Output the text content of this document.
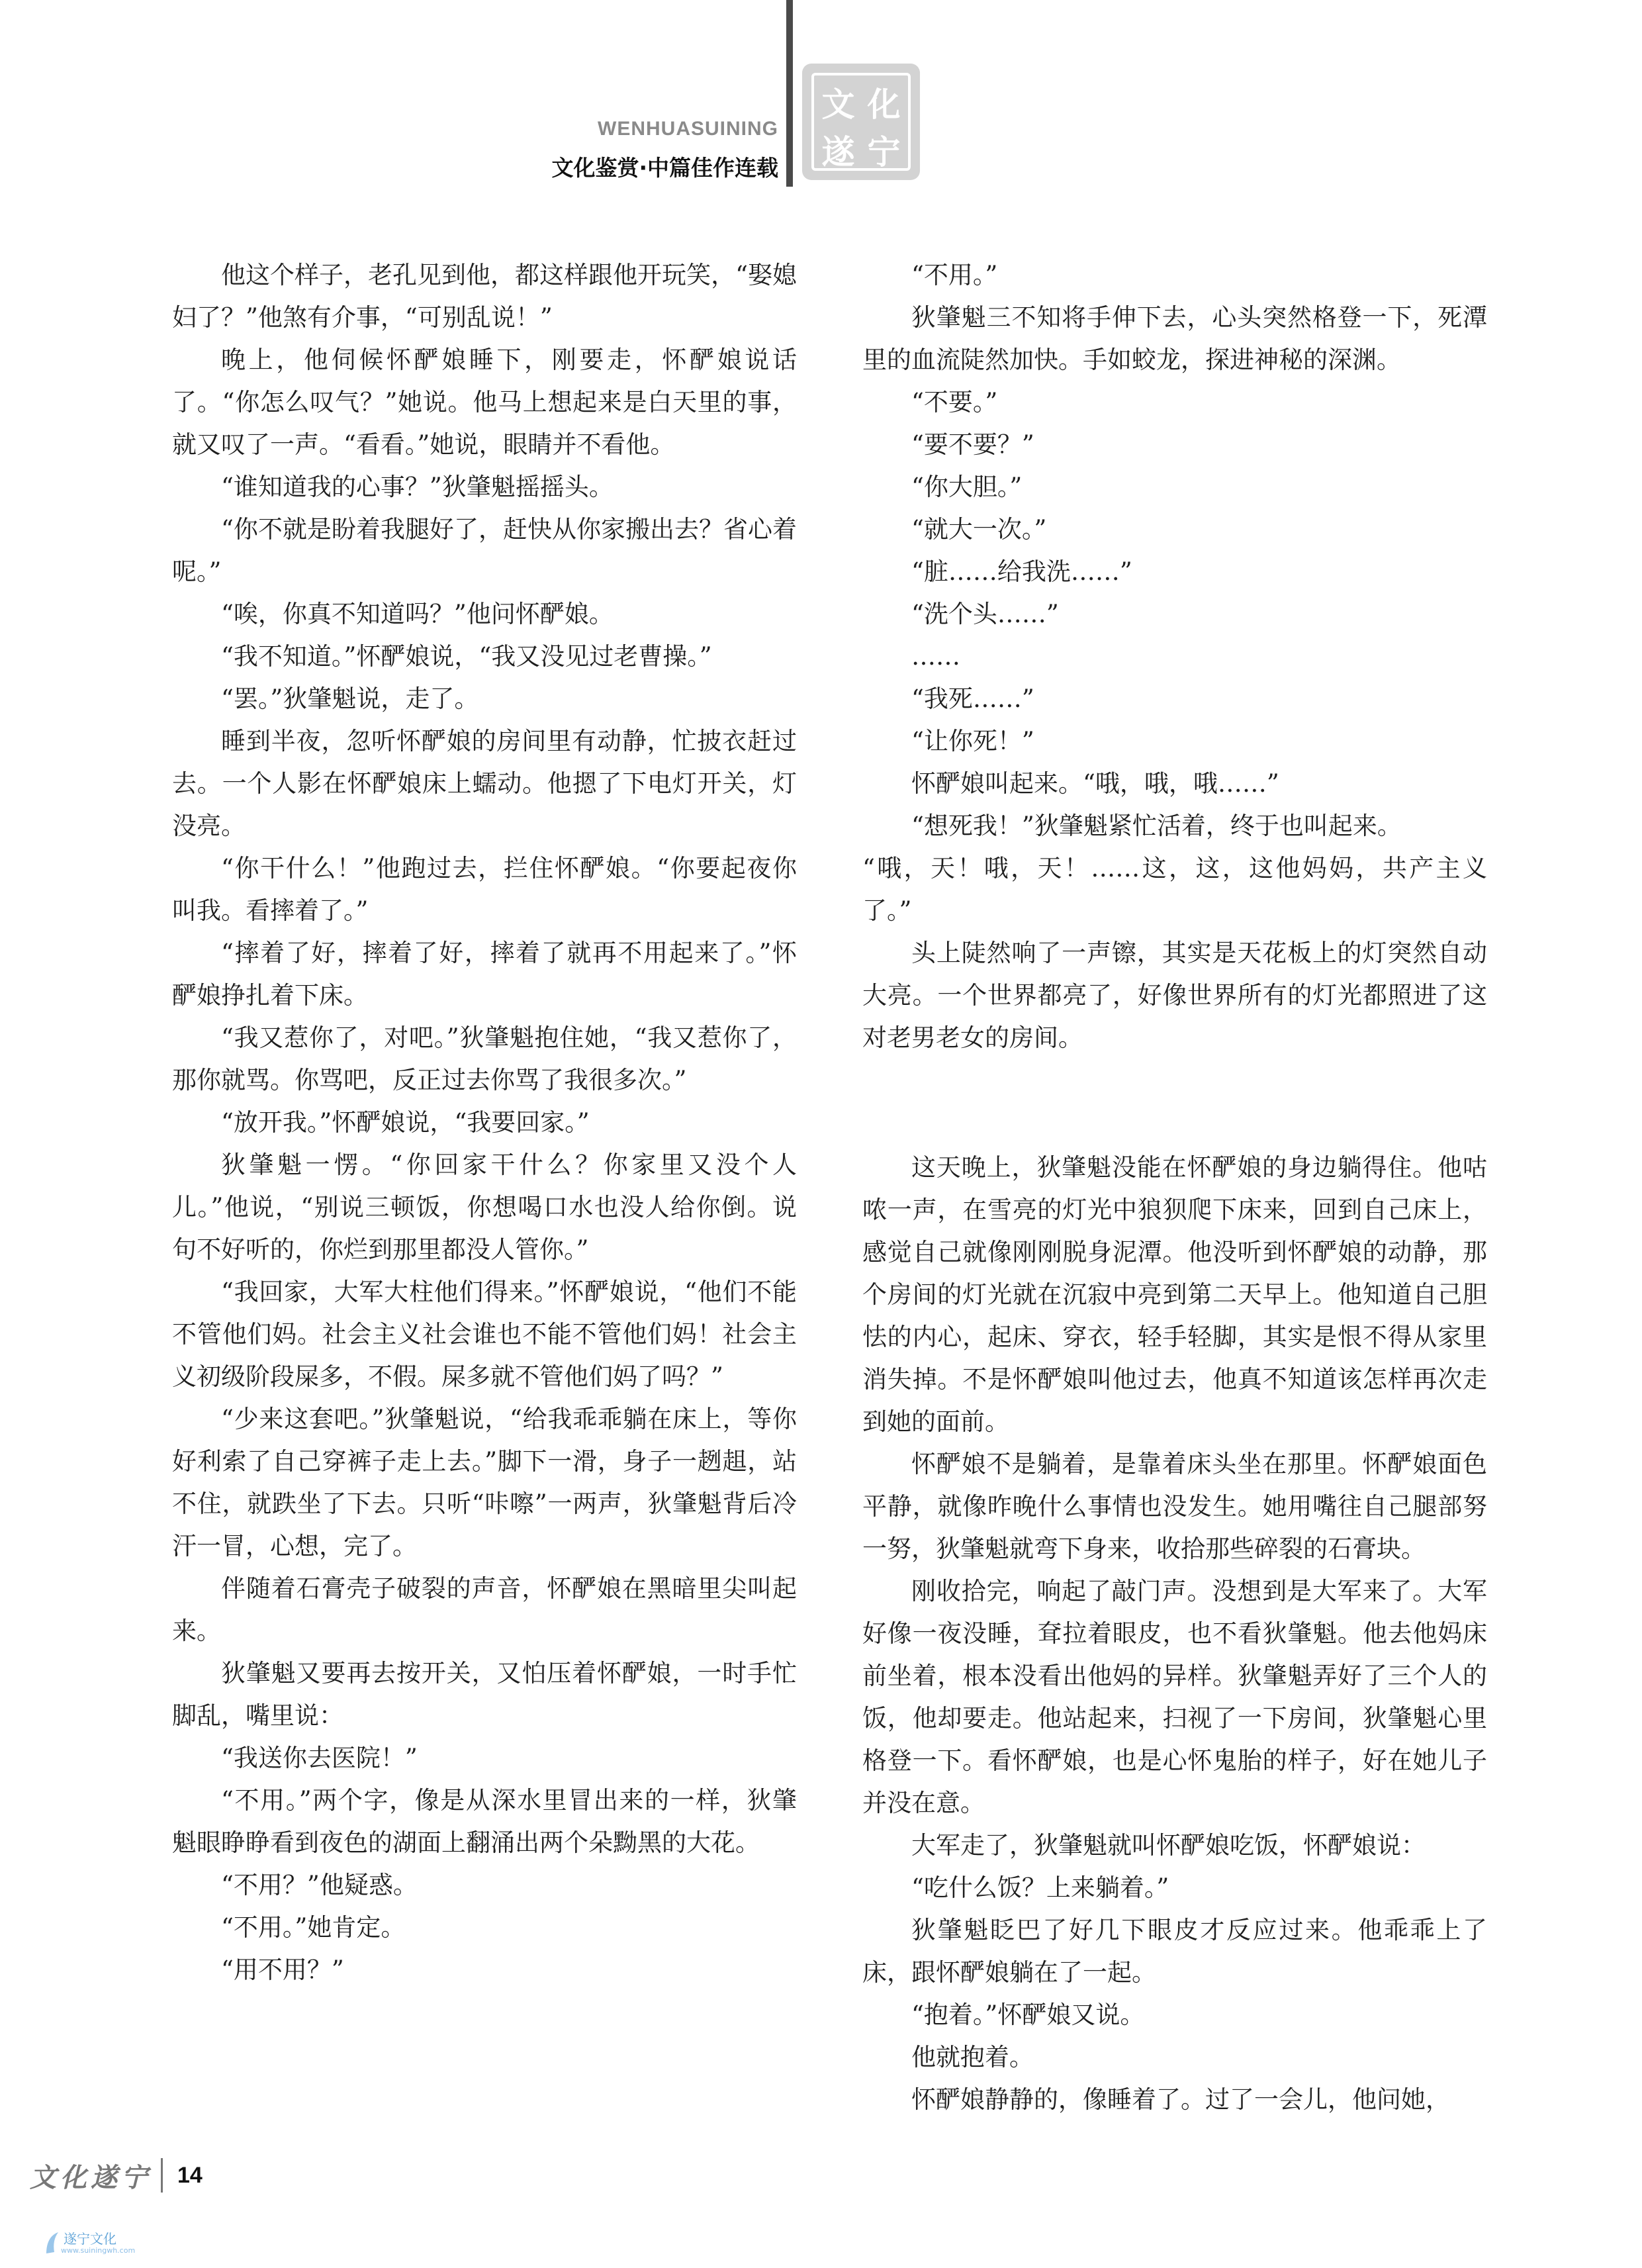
WENHUASUINING
文化鉴赏·中篇佳作连载
文 化
遂 宁

他这个样子，老孔见到他，都这样跟他开玩笑，“娶媳妇了？”他煞有介事，“可别乱说！”

晚上，他伺候怀酽娘睡下，刚要走，怀酽娘说话了。“你怎么叹气？”她说。他马上想起来是白天里的事，就又叹了一声。“看看。”她说，眼睛并不看他。

“谁知道我的心事？”狄肇魁摇摇头。

“你不就是盼着我腿好了，赶快从你家搬出去？省心着呢。”

“唉，你真不知道吗？”他问怀酽娘。

“我不知道。”怀酽娘说，“我又没见过老曹操。”

“罢。”狄肇魁说，走了。

睡到半夜，忽听怀酽娘的房间里有动静，忙披衣赶过去。一个人影在怀酽娘床上蠕动。他摁了下电灯开关，灯没亮。

“你干什么！”他跑过去，拦住怀酽娘。“你要起夜你叫我。看摔着了。”

“摔着了好，摔着了好，摔着了就再不用起来了。”怀酽娘挣扎着下床。

“我又惹你了，对吧。”狄肇魁抱住她，“我又惹你了，那你就骂。你骂吧，反正过去你骂了我很多次。”

“放开我。”怀酽娘说，“我要回家。”

狄肇魁一愣。“你回家干什么？你家里又没个人儿。”他说，“别说三顿饭，你想喝口水也没人给你倒。说句不好听的，你烂到那里都没人管你。”

“我回家，大军大柱他们得来。”怀酽娘说，“他们不能不管他们妈。社会主义社会谁也不能不管他们妈！社会主义初级阶段屎多，不假。屎多就不管他们妈了吗？”

“少来这套吧。”狄肇魁说，“给我乖乖躺在床上，等你好利索了自己穿裤子走上去。”脚下一滑，身子一趔趄，站不住，就跌坐了下去。只听“咔嚓”一两声，狄肇魁背后冷汗一冒，心想，完了。

伴随着石膏壳子破裂的声音，怀酽娘在黑暗里尖叫起来。

狄肇魁又要再去按开关，又怕压着怀酽娘，一时手忙脚乱，嘴里说：

“我送你去医院！”

“不用。”两个字，像是从深水里冒出来的一样，狄肇魁眼睁睁看到夜色的湖面上翻涌出两个朵黝黑的大花。

“不用？”他疑惑。

“不用。”她肯定。

“用不用？”

“不用。”

狄肇魁三不知将手伸下去，心头突然格登一下，死潭里的血流陡然加快。手如蛟龙，探进神秘的深渊。

“不要。”

“要不要？”

“你大胆。”

“就大一次。”

“脏……给我洗……”

“洗个头……”

……

“我死……”

“让你死！”

怀酽娘叫起来。“哦，哦，哦……”

“想死我！”狄肇魁紧忙活着，终于也叫起来。

“哦，天！哦，天！……这，这，这他妈妈，共产主义了。”

头上陡然响了一声镲，其实是天花板上的灯突然自动大亮。一个世界都亮了，好像世界所有的灯光都照进了这对老男老女的房间。

这天晚上，狄肇魁没能在怀酽娘的身边躺得住。他咕哝一声，在雪亮的灯光中狼狈爬下床来，回到自己床上，感觉自己就像刚刚脱身泥潭。他没听到怀酽娘的动静，那个房间的灯光就在沉寂中亮到第二天早上。他知道自己胆怯的内心，起床、穿衣，轻手轻脚，其实是恨不得从家里消失掉。不是怀酽娘叫他过去，他真不知道该怎样再次走到她的面前。

怀酽娘不是躺着，是靠着床头坐在那里。怀酽娘面色平静，就像昨晚什么事情也没发生。她用嘴往自己腿部努一努，狄肇魁就弯下身来，收拾那些碎裂的石膏块。

刚收拾完，响起了敲门声。没想到是大军来了。大军好像一夜没睡，耷拉着眼皮，也不看狄肇魁。他去他妈床前坐着，根本没看出他妈的异样。狄肇魁弄好了三个人的饭，他却要走。他站起来，扫视了一下房间，狄肇魁心里格登一下。看怀酽娘，也是心怀鬼胎的样子，好在她儿子并没在意。

大军走了，狄肇魁就叫怀酽娘吃饭，怀酽娘说：

“吃什么饭？上来躺着。”

狄肇魁眨巴了好几下眼皮才反应过来。他乖乖上了床，跟怀酽娘躺在了一起。

“抱着。”怀酽娘又说。

他就抱着。

怀酽娘静静的，像睡着了。过了一会儿，他问她，

文化遂宁 14
遂宁文化
www.suiningwh.com
